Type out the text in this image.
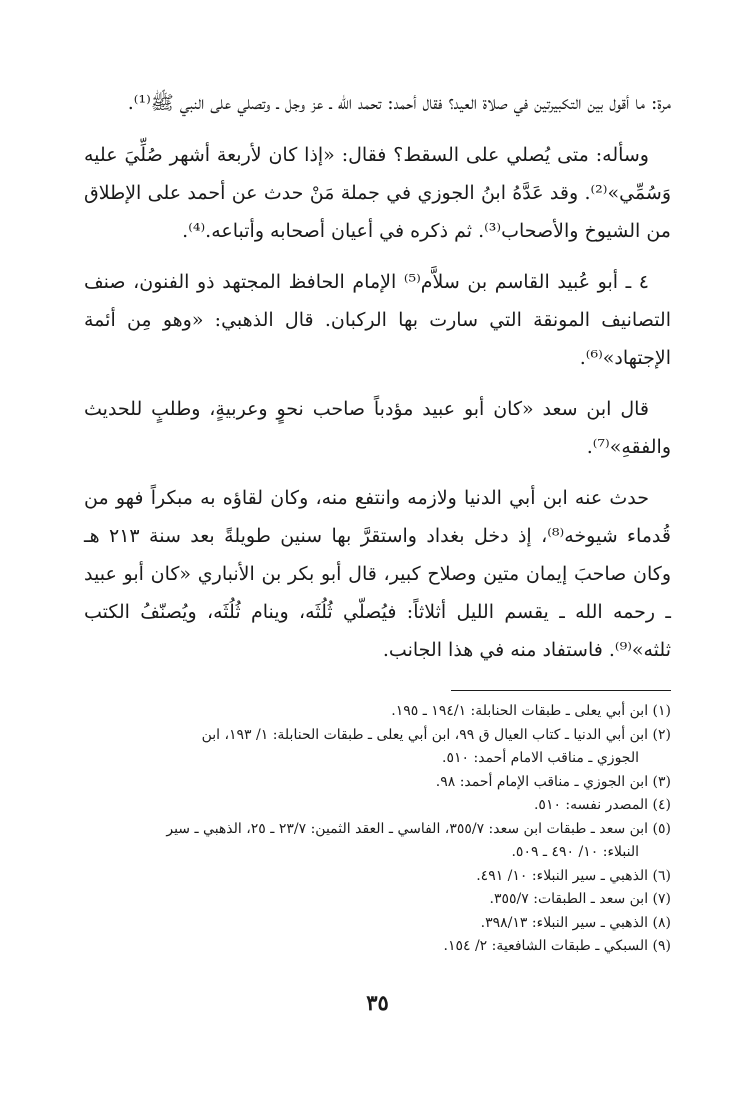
مرة: ما أقول بين التكبيرتين في صلاة العيد؟ فقال أحمد: تحمد الله ـ عز وجل ـ وتصلي على النبي ﷺ⁽¹⁾.

وسأله: متى يُصلي على السقط؟ فقال: «إذا كان لأربعة أشهر صُلِّيَ عليه وَسُمِّي»⁽²⁾. وقد عَدَّهُ ابنُ الجوزي في جملة مَنْ حدث عن أحمد على الإطلاق من الشيوخ والأصحاب⁽³⁾. ثم ذكره في أعيان أصحابه وأتباعه.⁽⁴⁾.

٤ ـ أبو عُبيد القاسم بن سلاَّم⁽⁵⁾ الإمام الحافظ المجتهد ذو الفنون، صنف التصانيف المونقة التي سارت بها الركبان. قال الذهبي: «وهو مِن أئمة الإجتهاد»⁽⁶⁾.

قال ابن سعد «كان أبو عبيد مؤدباً صاحب نحوٍ وعربيةٍ، وطلبٍ للحديث والفقهِ»⁽⁷⁾.

حدث عنه ابن أبي الدنيا ولازمه وانتفع منه، وكان لقاؤه به مبكراً فهو من قُدماء شيوخه⁽⁸⁾، إذ دخل بغداد واستقرَّ بها سنين طويلةً بعد سنة ٢١٣ هـ وكان صاحبَ إيمان متين وصلاح كبير، قال أبو بكر بن الأنباري «كان أبو عبيد ـ رحمه الله ـ يقسم الليل أثلاثاً: فيُصلّي ثُلُثَه، وينام ثُلُثَه، ويُصنّفُ الكتب ثلثه»⁽⁹⁾. فاستفاد منه في هذا الجانب.

(١) ابن أبي يعلى ـ طبقات الحنابلة: ١٩٤/١ ـ ١٩٥.

(٢) ابن أبي الدنيا ـ كتاب العيال ق ٩٩، ابن أبي يعلى ـ طبقات الحنابلة: ١/ ١٩٣، ابن

الجوزي ـ مناقب الامام أحمد: ٥١٠.

(٣) ابن الجوزي ـ مناقب الإمام أحمد: ٩٨.

(٤) المصدر نفسه: ٥١٠.

(٥) ابن سعد ـ طبقات ابن سعد: ٣٥٥/٧، الفاسي ـ العقد الثمين: ٢٣/٧ ـ ٢٥، الذهبي ـ سير

النبلاء: ١٠/ ٤٩٠ ـ ٥٠٩.

(٦) الذهبي ـ سير النبلاء: ١٠/ ٤٩١.

(٧) ابن سعد ـ الطبقات: ٣٥٥/٧.

(٨) الذهبي ـ سير النبلاء: ٣٩٨/١٣.

(٩) السبكي ـ طبقات الشافعية: ٢/ ١٥٤.

٣٥
